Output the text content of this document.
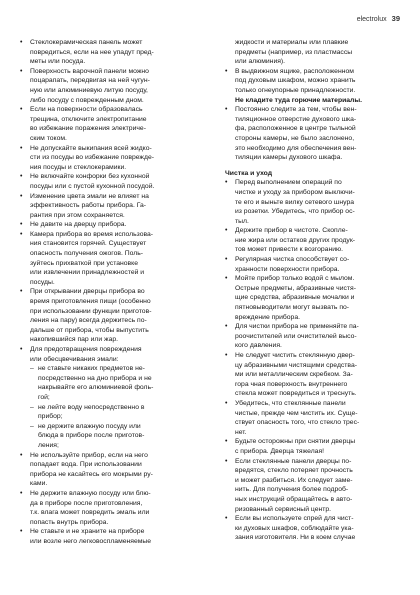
electrolux 39
• Стеклокерамическая панель может
повредиться, если на нее упадут пред-
меты или посуда.
• Поверхность варочной панели можно
поцарапать, передвигая на ней чугун-
ную или алюминиевую литую посуду,
либо посуду с поврежденным дном.
• Если на поверхности образовалась
трещина, отключите электропитание
во избежание поражения электриче-
ским током.
• Не допускайте выкипания всей жидко-
сти из посуды во избежание поврежде-
ния посуды и стеклокерамики.
• Не включайте конфорки без кухонной
посуды или с пустой кухонной посудой.
• Изменение цвета эмали не влияет на
эффективность работы прибора. Га-
рантия при этом сохраняется.
• Не давите на дверцу прибора.
• Камера прибора во время использова-
ния становится горячей. Существует
опасность получения ожогов. Поль-
зуйтесь прихваткой при установке
или извлечении принадлежностей и
посуды.
• При открывании дверцы прибора во
время приготовления пищи (особенно
при использовании функции приготов-
ления на пару) всегда держитесь по-
дальше от прибора, чтобы выпустить
накопившийся пар или жар.
• Для предотвращения повреждения
или обесцвечивания эмали:
– не ставьте никаких предметов не-
посредственно на дно прибора и не
накрывайте его алюминиевой фоль-
гой;
– не лейте воду непосредственно в
прибор;
– не держите влажную посуду или
блюда в приборе после приготов-
ления;
• Не используйте прибор, если на него
попадает вода. При использовании
прибора не касайтесь его мокрыми ру-
ками.
• Не держите влажную посуду или блю-
да в приборе после приготовления,
т.к. влага может повредить эмаль или
попасть внутрь прибора.
• Не ставьте и не храните на приборе
или возле него легковоспламеняемые
жидкости и материалы или плавкие
предметы (например, из пластмассы
или алюминия).
• В выдвижном ящике, расположенном
под духовым шкафом, можно хранить
только огнеупорные принадлежности.
Не кладите туда горючие материалы.
• Постоянно следите за тем, чтобы вен-
тиляционное отверстие духового шка-
фа, расположенное в центре тыльной
стороны камеры, не было заслонено,
это необходимо для обеспечения вен-
тиляции камеры духового шкафа.
Чистка и уход
• Перед выполнением операций по
чистке и уходу за прибором выключи-
те его и выньте вилку сетевого шнура
из розетки. Убедитесь, что прибор ос-
тыл.
• Держите прибор в чистоте. Скопле-
ние жира или остатков других продук-
тов может привести к возгоранию.
• Регулярная чистка способствует со-
хранности поверхности прибора.
• Мойте прибор только водой с мылом.
Острые предметы, абразивные чистя-
щие средства, абразивные мочалки и
пятновыводители могут вызвать по-
вреждение прибора.
• Для чистки прибора не применяйте па-
роочистителей или очистителей высо-
кого давления.
• Не следует чистить стеклянную двер-
цу абразивными чистящими средства-
ми или металлическим скребком. За-
ropa чная поверхность внутреннего
стекла может повредиться и треснуть.
• Убедитесь, что стеклянные панели
чистые, прежде чем чистить их. Суще-
ствует опасность того, что стекло трес-
нет.
• Будьте осторожны при снятии дверцы
с прибора. Дверца тяжелая!
• Если стеклянные панели дверцы по-
вредятся, стекло потеряет прочность
и может разбиться. Их следует замe-
нить. Для получения более подроб-
ных инструкций обращайтесь в авто-
ризованный сервисный центр.
• Если вы используете спрей для чист-
ки духовых шкафов, соблюдайте ука-
зания изготовителя. Ни в коем случае
